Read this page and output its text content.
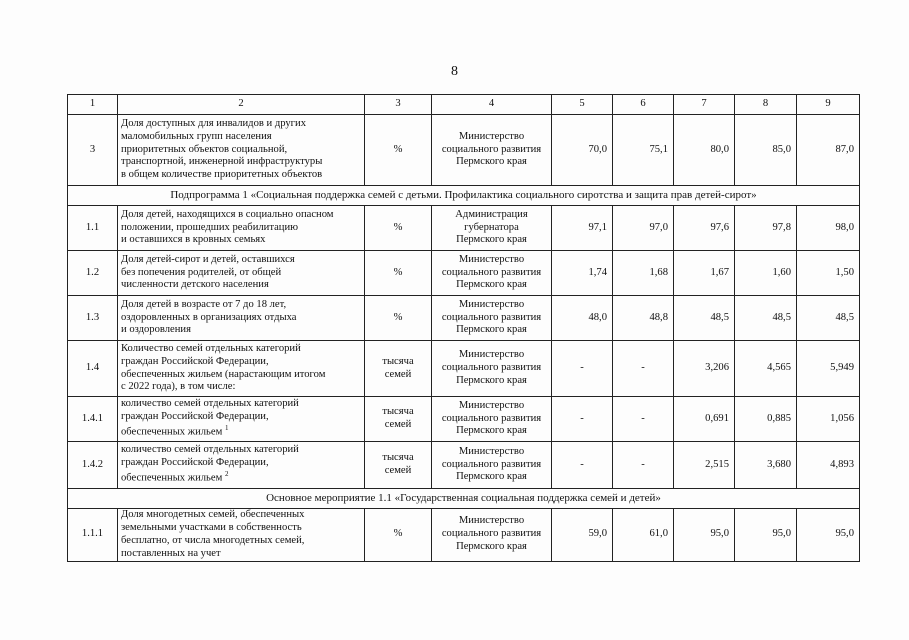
8
1	2	3	4	5	6	7	8	9
3	Доля доступных для инвалидов и других
маломобильных групп населения
приоритетных объектов социальной,
транспортной, инженерной инфраструктуры
в общем количестве приоритетных объектов	%	Министерство
социального развития
Пермского края	70,0	75,1	80,0	85,0	87,0
Подпрограмма 1 «Социальная поддержка семей с детьми. Профилактика социального сиротства и защита прав детей-сирот»								
1.1	Доля детей, находящихся в социально опасном
положении, прошедших реабилитацию
и оставшихся в кровных семьях	%	Администрация
губернатора
Пермского края	97,1	97,0	97,6	97,8	98,0
1.2	Доля детей-сирот и детей, оставшихся
без попечения родителей, от общей
численности детского населения	%	Министерство
социального развития
Пермского края	1,74	1,68	1,67	1,60	1,50
1.3	Доля детей в возрасте от 7 до 18 лет,
оздоровленных в организациях отдыха
и оздоровления	%	Министерство
социального развития
Пермского края	48,0	48,8	48,5	48,5	48,5
1.4	Количество семей отдельных категорий
граждан Российской Федерации,
обеспеченных жильем (нарастающим итогом
с 2022 года), в том числе:	тысяча
семей	Министерство
социального развития
Пермского края	-	-	3,206	4,565	5,949
1.4.1	количество семей отдельных категорий
граждан Российской Федерации,
обеспеченных жильем $^1$	тысяча
семей	Министерство
социального развития
Пермского края	-	-	0,691	0,885	1,056
1.4.2	количество семей отдельных категорий
граждан Российской Федерации,
обеспеченных жильем $^2$	тысяча
семей	Министерство
социального развития
Пермского края	-	-	2,515	3,680	4,893
Основное мероприятие 1.1 «Государственная социальная поддержка семей и детей»								
1.1.1	Доля многодетных семей, обеспеченных
земельными участками в собственность
бесплатно, от числа многодетных семей,
поставленных на учет	%	Министерство
социального развития
Пермского края	59,0	61,0	95,0	95,0	95,0
